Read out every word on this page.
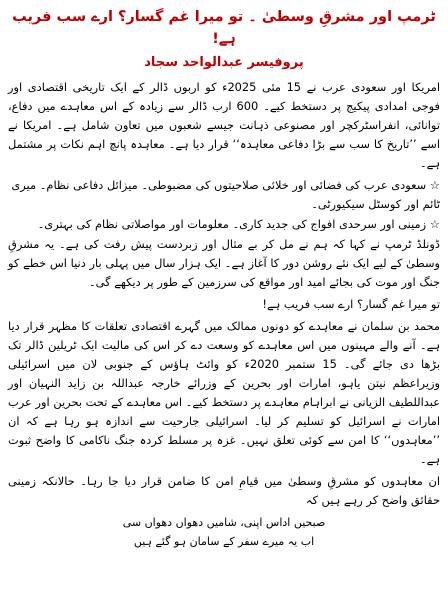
ٹرمپ اور مشرقِ وسطیٰ ۔ تو میرا غم گسار؟ ارے سب فریب ہے!
پروفیسر عبدالواحد سجاد

امریکا اور سعودی عرب نے 15 مئی 2025ء کو اربوں ڈالر کے ایک تاریخی اقتصادی اور فوجی امدادی پیکیج پر دستخط کیے۔ 600 ارب ڈالر سے زیادہ کے اس معاہدے میں دفاع، توانائی، انفراسٹرکچر اور مصنوعی ذہانت جیسے شعبوں میں تعاون شامل ہے۔ امریکا نے اسے ’’تاریخ کا سب سے بڑا دفاعی معاہدہ‘‘ قرار دیا ہے۔ معاہدہ پانچ اہم نکات پر مشتمل ہے۔

☆ سعودی عرب کی فضائی اور خلائی صلاحیتوں کی مضبوطی۔ میزائل دفاعی نظام۔ میری ٹائم اور کوسٹل سیکیورٹی۔
☆ زمینی اور سرحدی افواج کی جدید کاری۔ معلومات اور مواصلاتی نظام کی بہتری۔

ڈونلڈ ٹرمپ نے کہا کہ ہم نے مل کر بے مثال اور زبردست پیش رفت کی ہے۔ یہ مشرقِ وسطیٰ کے لیے ایک نئے روشن دور کا آغاز ہے۔ ایک ہزار سال میں پہلی بار دنیا اس خطے کو جنگ اور موت کی بجائے امید اور مواقع کی سرزمین کے طور پر دیکھے گی۔

تو میرا غم گسار؟ ارے سب فریب ہے!

محمد بن سلمان نے معاہدے کو دونوں ممالک میں گہرے اقتصادی تعلقات کا مظہر قرار دیا ہے۔ آنے والے مہینوں میں اس معاہدے کو وسعت دے کر اس کی مالیت ایک ٹریلین ڈالر تک بڑھا دی جائے گی۔ 15 ستمبر 2020ء کو وائٹ ہاؤس کے جنوبی لان میں اسرائیلی وزیراعظم نیتن یاہو، امارات اور بحرین کے وزرائے خارجہ عبداللہ بن زاید النہیان اور عبداللطیف الزیانی نے ابراہام معاہدے پر دستخط کیے۔ اس معاہدے کے تحت بحرین اور عرب امارات نے اسرائیل کو تسلیم کر لیا۔ اسرائیلی جارحیت سے اندازہ ہو رہا ہے کہ ان ’’معاہدوں‘‘ کا امن سے کوئی تعلق نہیں۔ غزہ پر مسلط کردہ جنگ ناکامی کا واضح ثبوت ہے۔

ان معاہدوں کو مشرقِ وسطیٰ میں قیامِ امن کا ضامن قرار دیا جا رہا۔ حالانکہ زمینی حقائق واضح کر رہے ہیں کہ

صبحیں اداس اپنی، شامیں دھواں دھواں سی
اب یہ میرے سفر کے سامان ہو گئے ہیں
